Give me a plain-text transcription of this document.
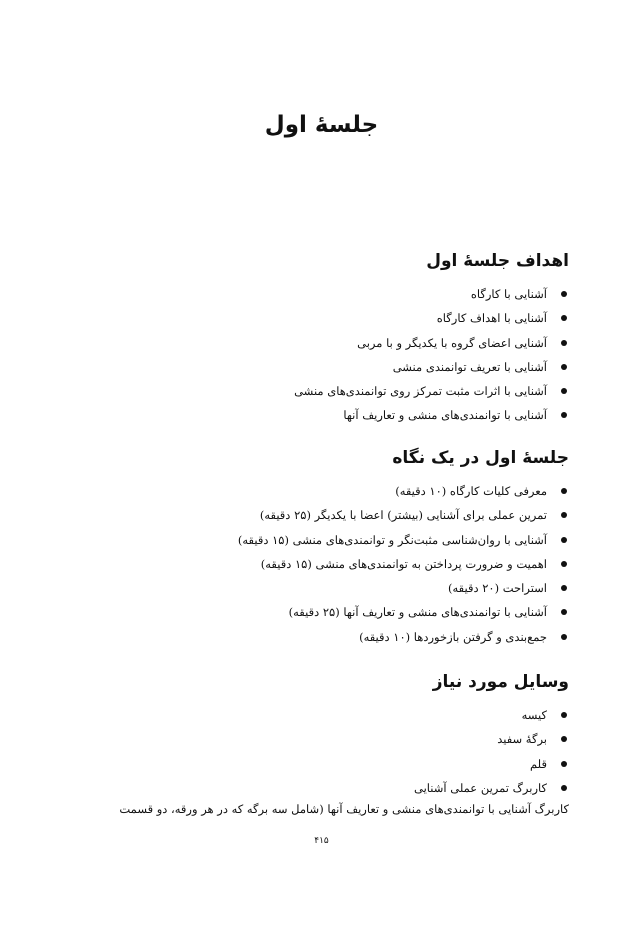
جلسهٔ اول
اهداف جلسهٔ اول
آشنایی با کارگاه
آشنایی با اهداف کارگاه
آشنایی اعضای گروه با یکدیگر و با مربی
آشنایی با تعریف توانمندی منشی
آشنایی با اثرات مثبت تمرکز روی توانمندی‌های منشی
آشنایی با توانمندی‌های منشی و تعاریف آنها
جلسهٔ اول در یک نگاه
معرفی کلیات کارگاه (۱۰ دقیقه)
تمرین عملی برای آشنایی (بیشتر) اعضا با یکدیگر (۲۵ دقیقه)
آشنایی با روان‌شناسی مثبت‌نگر و توانمندی‌های منشی (۱۵ دقیقه)
اهمیت و ضرورت پرداختن به توانمندی‌های منشی (۱۵ دقیقه)
استراحت (۲۰ دقیقه)
آشنایی با توانمندی‌های منشی و تعاریف آنها (۲۵ دقیقه)
جمع‌بندی و گرفتن بازخوردها (۱۰ دقیقه)
وسایل مورد نیاز
کیسه
برگهٔ سفید
قلم
کاربرگ تمرین عملی آشنایی

کاربرگ آشنایی با توانمندی‌های منشی و تعاریف آنها (شامل سه برگه که در هر ورقه، دو قسمت

۴۱۵
